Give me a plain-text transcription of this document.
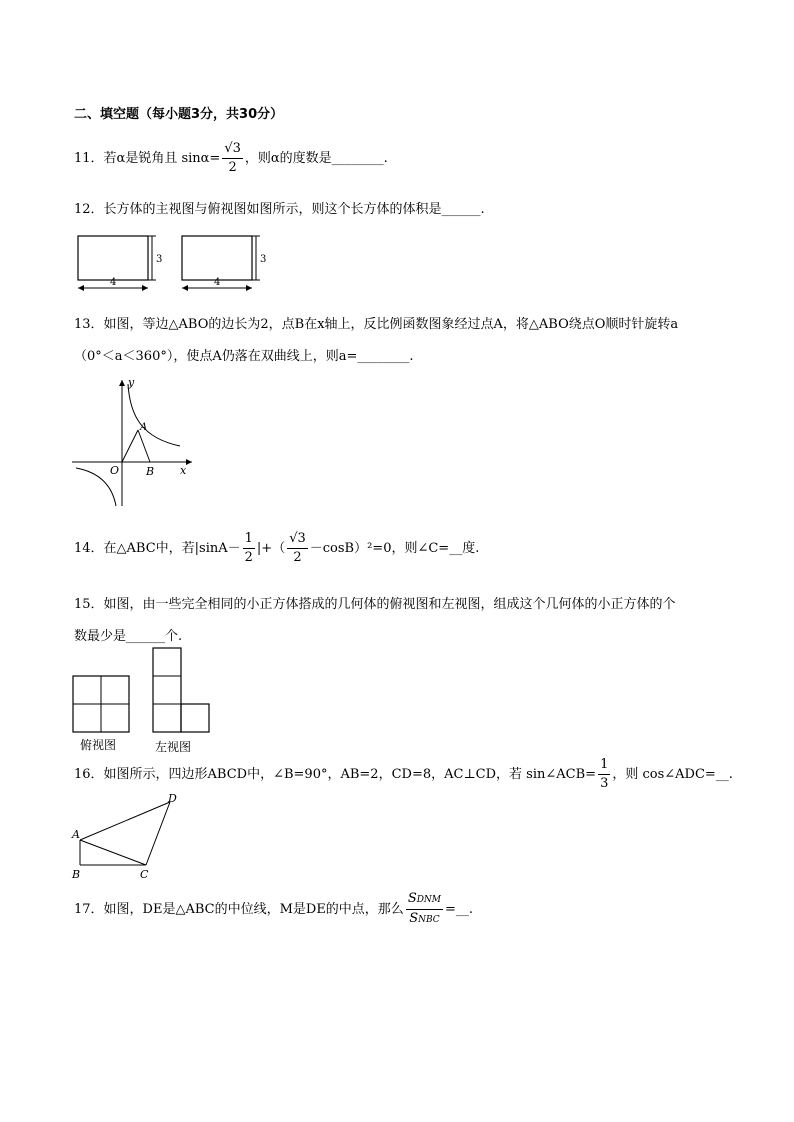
二、填空题（每小题3分，共30分）
11．若α是锐角且 $\sin\alpha= \frac{√3}{2}$ ，则α的度数是________.
12．长方体的主视图与俯视图如图所示，则这个长方体的体积是______.
3
4
3
4
13．如图，等边△ABO的边长为2，点B在x轴上，反比例函数图象经过点A，将△ABO绕点O顺时针旋转a
（0°＜a＜360°），使点A仍落在双曲线上，则a=________.
y
x
O
A
B
14．在△ABC中，若$|\sin A- \frac{1}{2}$ |+（ $\frac{√3}{2} -\cos B)^2=0$，则∠C=__度.
15．如图，由一些完全相同的小正方体搭成的几何体的俯视图和左视图，组成这个几何体的小正方体的个
数最少是______个.
俯视图	左视图
16．如图所示，四边形ABCD中，∠B=90°，AB=2，CD=8，AC⊥CD，若 sin∠ACB= $\frac{1}{3}$ ，则 cos∠ADC=__.
A
B	C
D
17．如图，DE是△ABC的中位线，M是DE的中点，那么 $\frac{\text{SDNM}}{\text{SNBC}}$ =__.
